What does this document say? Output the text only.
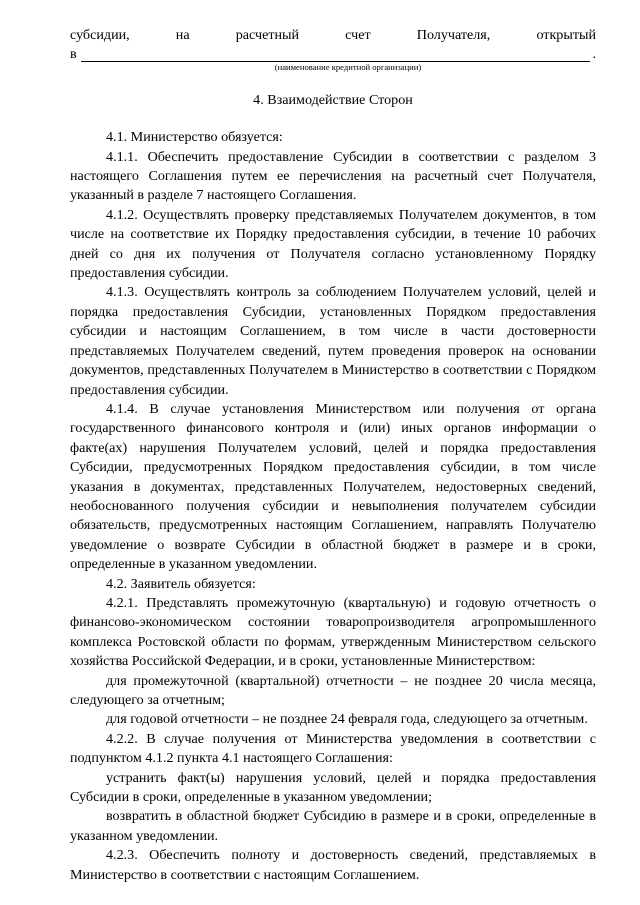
субсидии,	на	расчетный	счет	Получателя,	открытый
в	.
(наименование кредитной организации)
4. Взаимодействие Сторон

4.1. Министерство обязуется:

4.1.1. Обеспечить предоставление Субсидии в соответствии с разделом 3 настоящего Соглашения путем ее перечисления на расчетный счет Получателя, указанный в разделе 7 настоящего Соглашения.

4.1.2. Осуществлять проверку представляемых Получателем документов, в том числе на соответствие их Порядку предоставления субсидии, в течение 10 рабочих дней со дня их получения от Получателя согласно установленному Порядку предоставления субсидии.

4.1.3. Осуществлять контроль за соблюдением Получателем условий, целей и порядка предоставления Субсидии, установленных Порядком предоставления субсидии и настоящим Соглашением, в том числе в части достоверности представляемых Получателем сведений, путем проведения проверок на основании документов, представленных Получателем в Министерство в соответствии с Порядком предоставления субсидии.

4.1.4. В случае установления Министерством или получения от органа государственного финансового контроля и (или) иных органов информации о факте(ах) нарушения Получателем условий, целей и порядка предоставления Субсидии, предусмотренных Порядком предоставления субсидии, в том числе указания в документах, представленных Получателем, недостоверных сведений, необоснованного получения субсидии и невыполнения получателем субсидии обязательств, предусмотренных настоящим Соглашением, направлять Получателю уведомление о возврате Субсидии в областной бюджет в размере и в сроки, определенные в указанном уведомлении.

4.2. Заявитель обязуется:

4.2.1. Представлять промежуточную (квартальную) и годовую отчетность о финансово-экономическом состоянии товаропроизводителя агропромышленного комплекса Ростовской области по формам, утвержденным Министерством сельского хозяйства Российской Федерации, и в сроки, установленные Министерством:

для промежуточной (квартальной) отчетности – не позднее 20 числа месяца, следующего за отчетным;

для годовой отчетности – не позднее 24 февраля года, следующего за отчетным.

4.2.2. В случае получения от Министерства уведомления в соответствии с подпунктом 4.1.2 пункта 4.1 настоящего Соглашения:

устранить факт(ы) нарушения условий, целей и порядка предоставления Субсидии в сроки, определенные в указанном уведомлении;

возвратить в областной бюджет Субсидию в размере и в сроки, определенные в указанном уведомлении.

4.2.3. Обеспечить полноту и достоверность сведений, представляемых в Министерство в соответствии с настоящим Соглашением.
